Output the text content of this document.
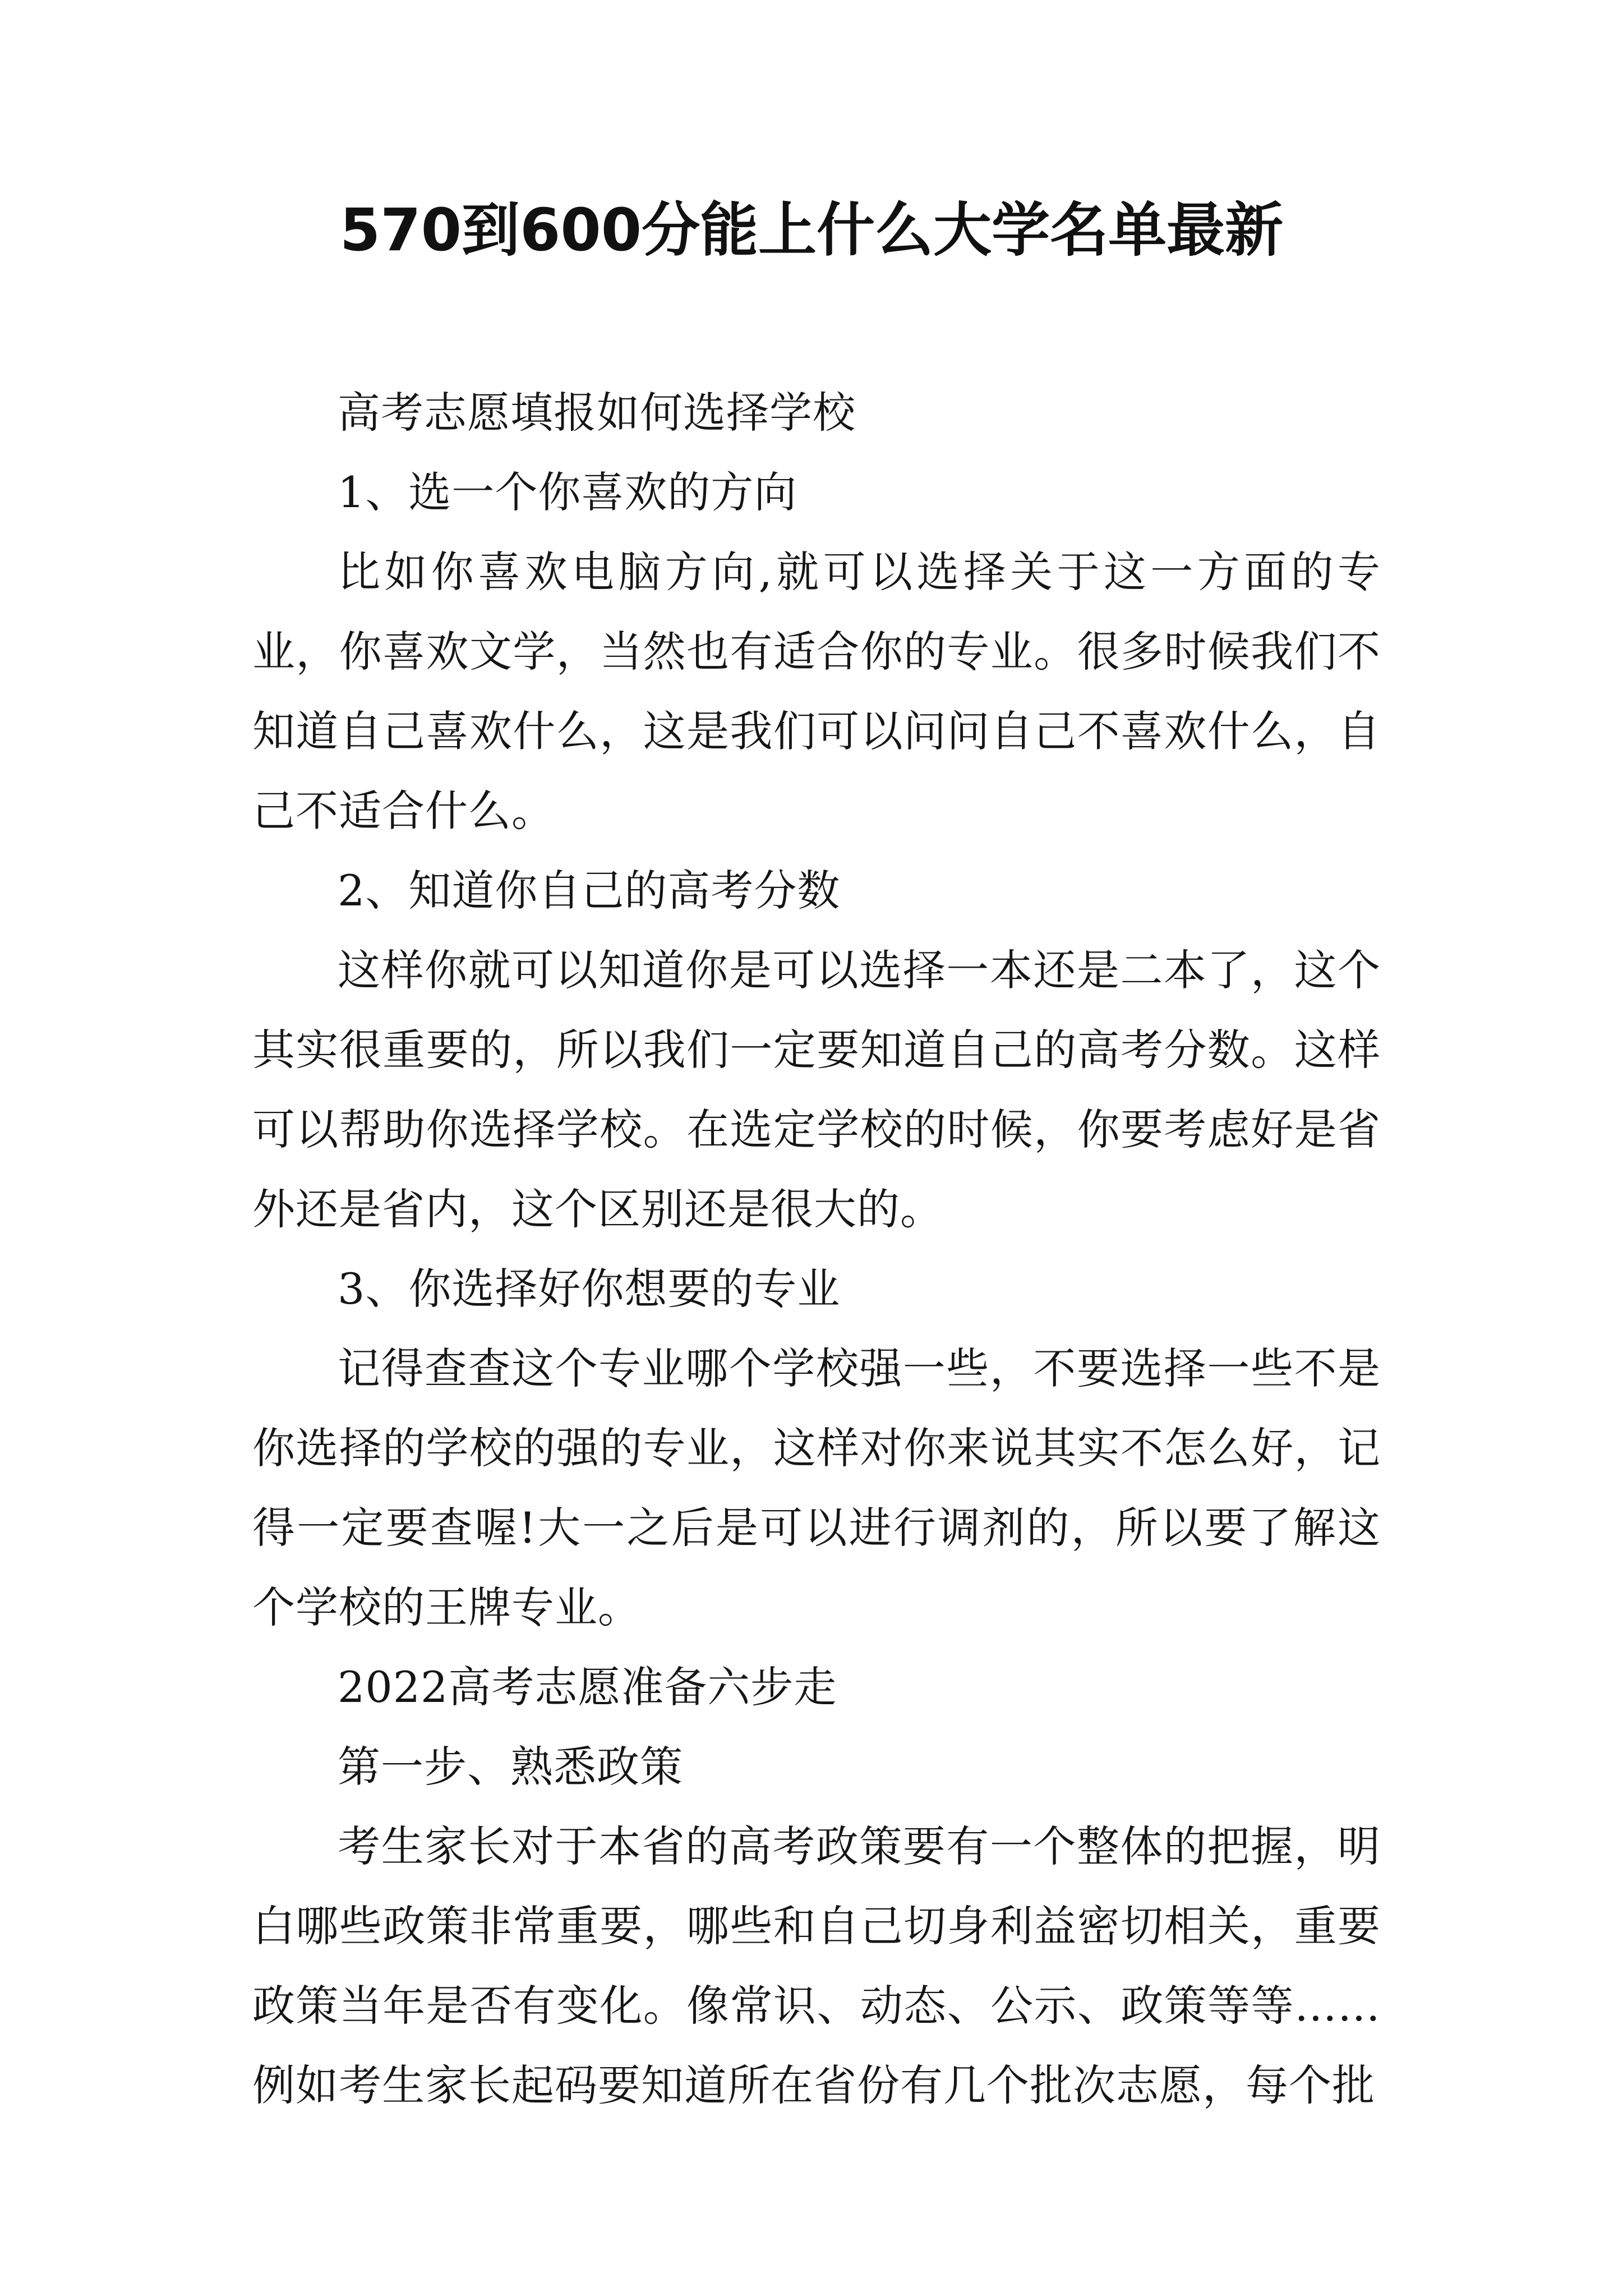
570到600分能上什么大学名单最新

高考志愿填报如何选择学校

1、选一个你喜欢的方向

比如你喜欢电脑方向,就可以选择关于这一方面的专业，你喜欢文学，当然也有适合你的专业。很多时候我们不知道自己喜欢什么，这是我们可以问问自己不喜欢什么，自己不适合什么。

2、知道你自己的高考分数

这样你就可以知道你是可以选择一本还是二本了，这个其实很重要的，所以我们一定要知道自己的高考分数。这样可以帮助你选择学校。在选定学校的时候，你要考虑好是省外还是省内，这个区别还是很大的。

3、你选择好你想要的专业

记得查查这个专业哪个学校强一些，不要选择一些不是你选择的学校的强的专业，这样对你来说其实不怎么好，记得一定要查喔!大一之后是可以进行调剂的，所以要了解这个学校的王牌专业。

2022高考志愿准备六步走

第一步、熟悉政策

考生家长对于本省的高考政策要有一个整体的把握，明白哪些政策非常重要，哪些和自己切身利益密切相关，重要政策当年是否有变化。像常识、动态、公示、政策等等……例如考生家长起码要知道所在省份有几个批次志愿，每个批
